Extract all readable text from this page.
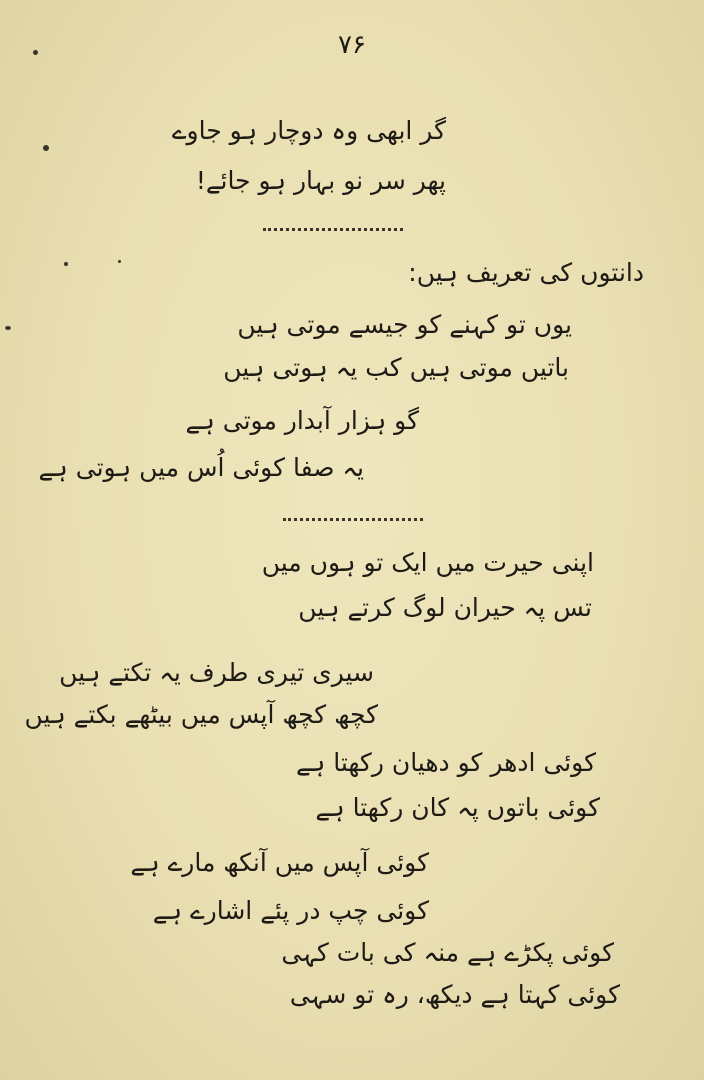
۷۶
گر ابھی وہ دوچار ہو جاوے
پھر سر نو بہار ہو جائے!
دانتوں کی تعریف ہیں:
یوں تو کہنے کو جیسے موتی ہیں
باتیں موتی ہیں کب یہ ہوتی ہیں
گو ہزار آبدار موتی ہے
یہ صفا کوئی اُس میں ہوتی ہے
اپنی حیرت میں ایک تو ہوں میں
تس پہ حیران لوگ کرتے ہیں
سیری تیری طرف یہ تکتے ہیں
کچھ کچھ آپس میں بیٹھے بکتے ہیں
کوئی ادھر کو دھیان رکھتا ہے
کوئی باتوں پہ کان رکھتا ہے
کوئی آپس میں آنکھ مارے ہے
کوئی چپ در پئے اشارے ہے
کوئی پکڑے ہے منہ کی بات کہی
کوئی کہتا ہے دیکھ، رہ تو سہی
